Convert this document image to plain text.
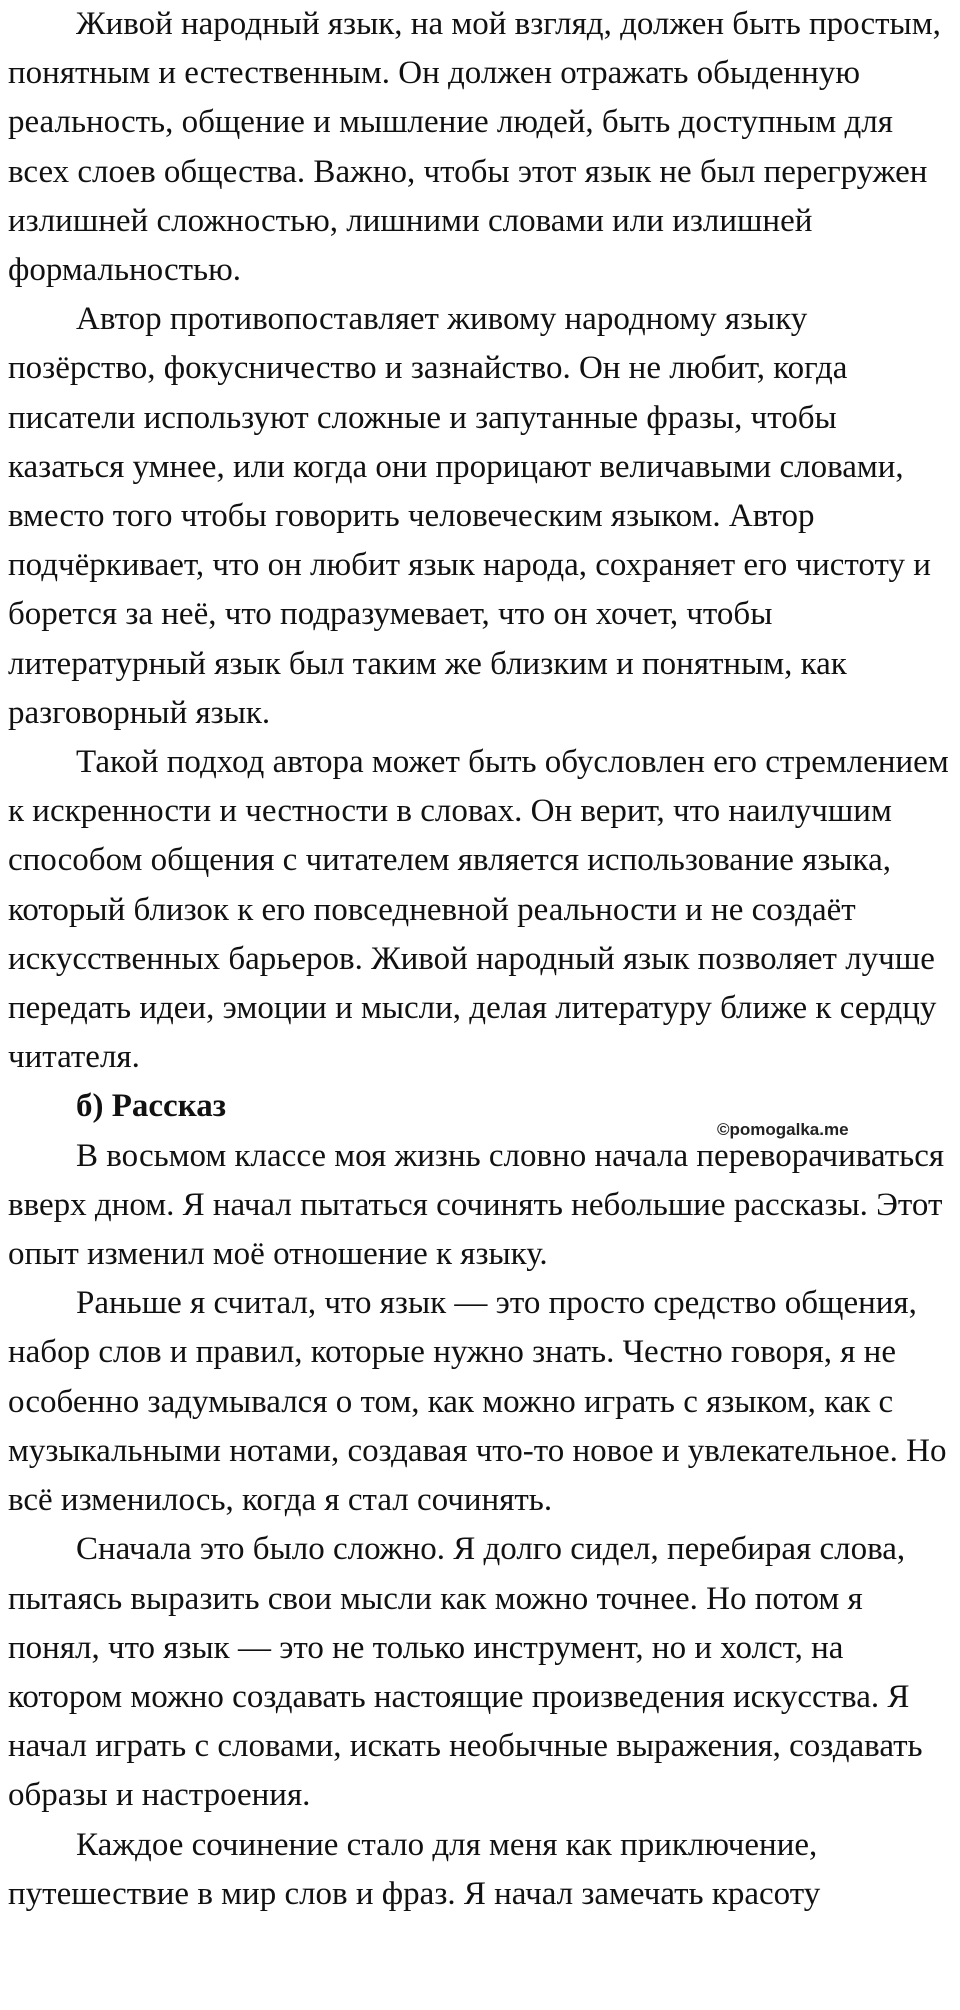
Живой народный язык, на мой взгляд, должен быть простым, понятным и естественным. Он должен отражать обыденную реальность, общение и мышление людей, быть доступным для всех слоев общества. Важно, чтобы этот язык не был перегружен излишней сложностью, лишними словами или излишней формальностью.

Автор противопоставляет живому народному языку позёрство, фокусничество и зазнайство. Он не любит, когда писатели используют сложные и запутанные фразы, чтобы казаться умнее, или когда они прорицают величавыми словами, вместо того чтобы говорить человеческим языком. Автор подчёркивает, что он любит язык народа, сохраняет его чистоту и борется за неё, что подразумевает, что он хочет, чтобы литературный язык был таким же близким и понятным, как разговорный язык.

Такой подход автора может быть обусловлен его стремлением к искренности и честности в словах. Он верит, что наилучшим способом общения с читателем является использование языка, который близок к его повседневной реальности и не создаёт искусственных барьеров. Живой народный язык позволяет лучше передать идеи, эмоции и мысли, делая литературу ближе к сердцу читателя.

б) Рассказ

В восьмом классе моя жизнь словно начала переворачиваться вверх дном. Я начал пытаться сочинять небольшие рассказы. Этот опыт изменил моё отношение к языку.

Раньше я считал, что язык — это просто средство общения, набор слов и правил, которые нужно знать. Честно говоря, я не особенно задумывался о том, как можно играть с языком, как с музыкальными нотами, создавая что-то новое и увлекательное. Но всё изменилось, когда я стал сочинять.

Сначала это было сложно. Я долго сидел, перебирая слова, пытаясь выразить свои мысли как можно точнее. Но потом я понял, что язык — это не только инструмент, но и холст, на котором можно создавать настоящие произведения искусства. Я начал играть с словами, искать необычные выражения, создавать образы и настроения.

Каждое сочинение стало для меня как приключение, путешествие в мир слов и фраз. Я начал замечать красоту

©pomogalka.me
